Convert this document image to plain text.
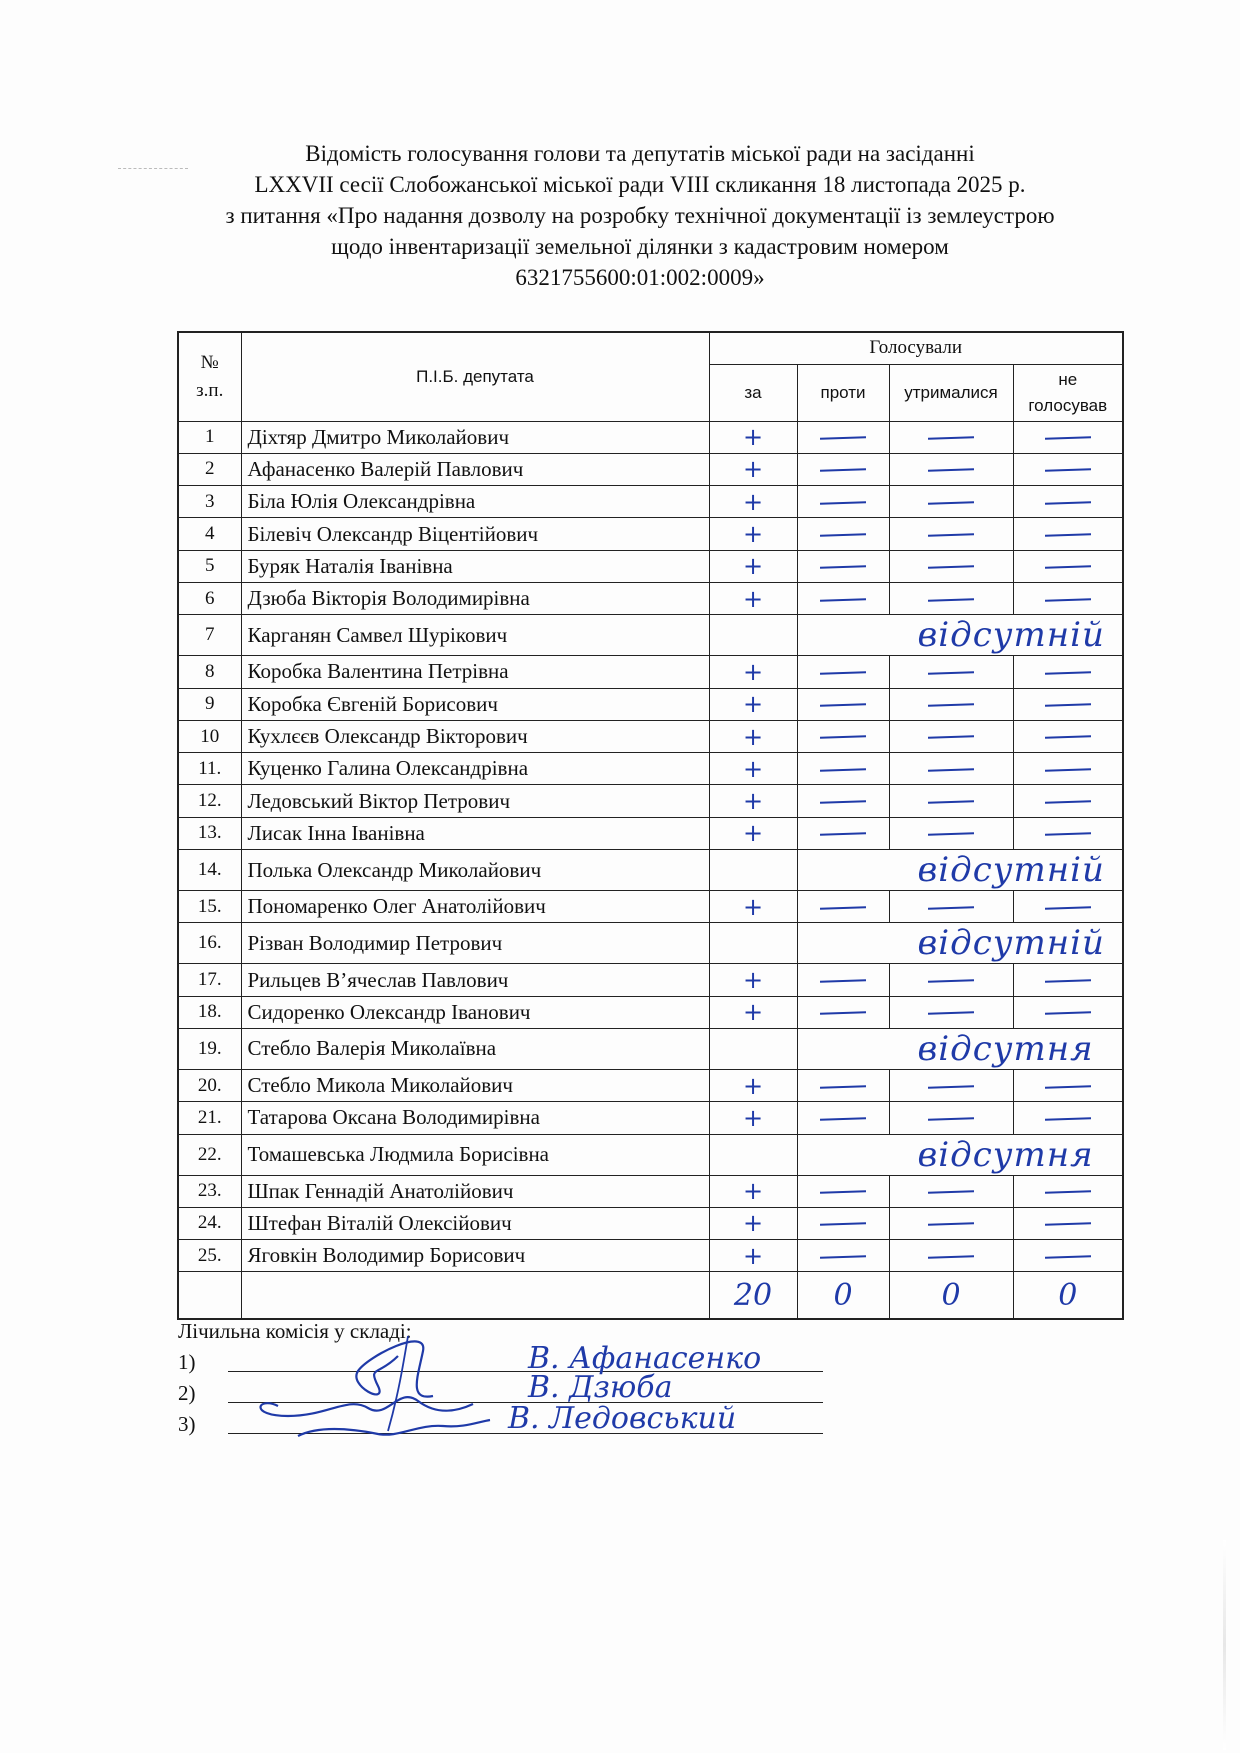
Відомість голосування голови та депутатів міської ради на засіданні
LXXVII сесії Слобожанської міської ради VIII скликання 18 листопада 2025 р.
з питання «Про надання дозволу на розробку технічної документації із землеустрою
щодо інвентаризації земельної ділянки з кадастровим номером
6321755600:01:002:0009»
№
з.п.	П.І.Б. депутата	Голосували			
		за	проти	утрималися	не
голосував
1	Діхтяр Дмитро Миколайович	+			
2	Афанасенко Валерій Павлович	+			
3	Біла Юлія Олександрівна	+			
4	Білевіч Олександр Віцентійович	+			
5	Буряк Наталія Іванівна	+			
6	Дзюба Вікторія Володимирівна	+			
7	Карганян Самвел Шурікович		відсутній		
8	Коробка Валентина Петрівна	+			
9	Коробка Євгеній Борисович	+			
10	Кухлєєв Олександр Вікторович	+			
11.	Куценко Галина Олександрівна	+			
12.	Ледовський Віктор Петрович	+			
13.	Лисак Інна Іванівна	+			
14.	Полька Олександр Миколайович		відсутній		
15.	Пономаренко Олег Анатолійович	+			
16.	Різван Володимир Петрович		відсутній		
17.	Рильцев В’ячеслав Павлович	+			
18.	Сидоренко Олександр Іванович	+			
19.	Стебло Валерія Миколаївна		відсутня		
20.	Стебло Микола Миколайович	+			
21.	Татарова Оксана Володимирівна	+			
22.	Томашевська Людмила Борисівна		відсутня		
23.	Шпак Геннадій Анатолійович	+			
24.	Штефан Віталій Олексійович	+			
25.	Яговкін Володимир Борисович	+			
		20	0	0	0
Лічильна комісія у складі:
1)	В. Афанасенко
2)	В. Дзюба
3)	В. Ледовський
